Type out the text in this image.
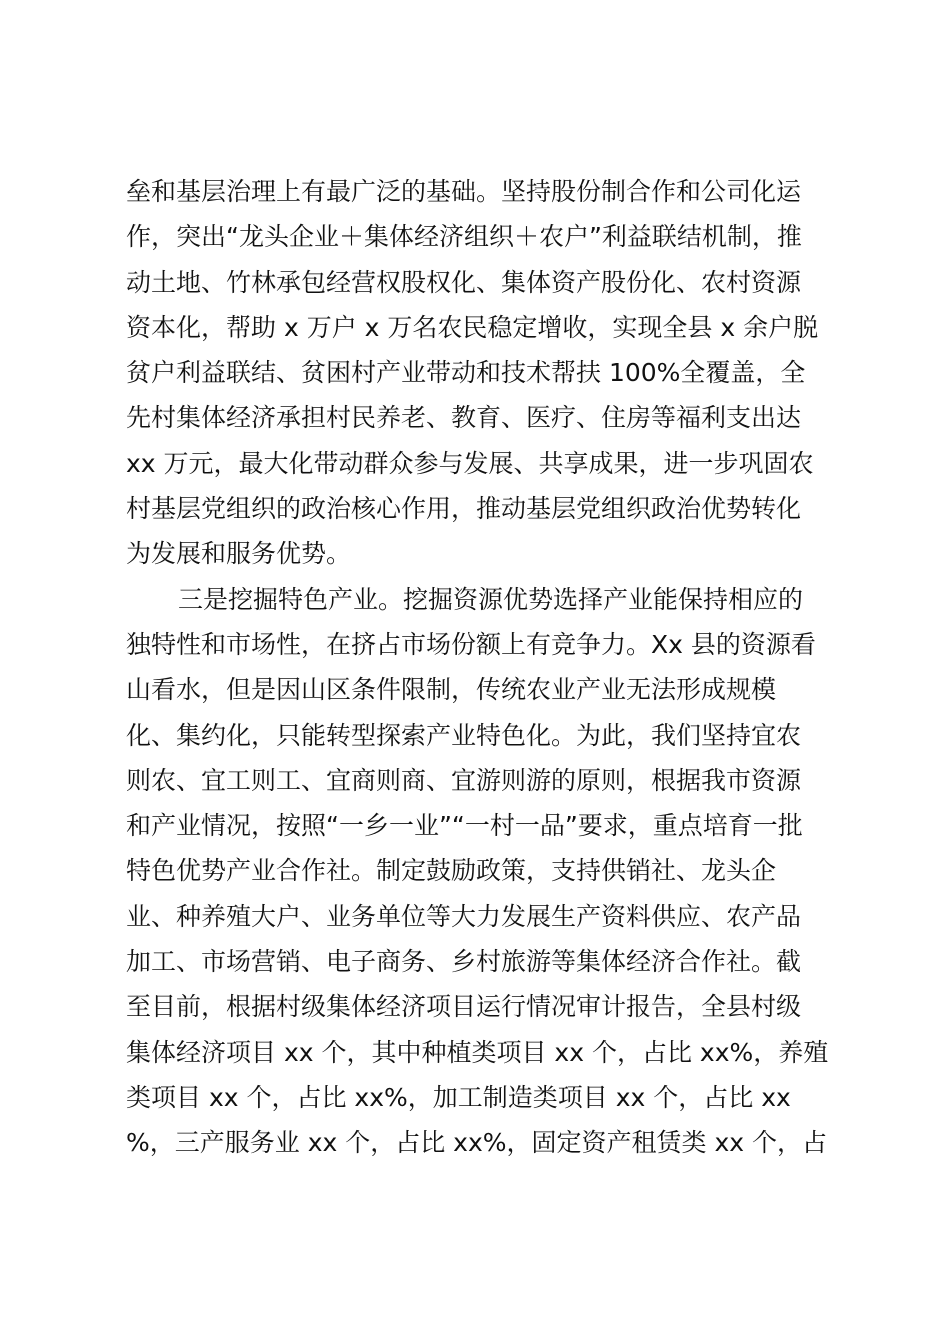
垒和基层治理上有最广泛的基础。坚持股份制合作和公司化运
作，突出“龙头企业＋集体经济组织＋农户”利益联结机制，推
动土地、竹林承包经营权股权化、集体资产股份化、农村资源
资本化，帮助 x 万户 x 万名农民稳定增收，实现全县 x 余户脱
贫户利益联结、贫困村产业带动和技术帮扶 100%全覆盖，全
先村集体经济承担村民养老、教育、医疗、住房等福利支出达
xx 万元，最大化带动群众参与发展、共享成果，进一步巩固农
村基层党组织的政治核心作用，推动基层党组织政治优势转化
为发展和服务优势。
三是挖掘特色产业。挖掘资源优势选择产业能保持相应的
独特性和市场性，在挤占市场份额上有竞争力。Xx 县的资源看
山看水，但是因山区条件限制，传统农业产业无法形成规模
化、集约化，只能转型探索产业特色化。为此，我们坚持宜农
则农、宜工则工、宜商则商、宜游则游的原则，根据我市资源
和产业情况，按照“一乡一业”“一村一品”要求，重点培育一批
特色优势产业合作社。制定鼓励政策，支持供销社、龙头企
业、种养殖大户、业务单位等大力发展生产资料供应、农产品
加工、市场营销、电子商务、乡村旅游等集体经济合作社。截
至目前，根据村级集体经济项目运行情况审计报告，全县村级
集体经济项目 xx 个，其中种植类项目 xx 个，占比 xx%，养殖
类项目 xx 个，占比 xx%，加工制造类项目 xx 个，占比 xx
%，三产服务业 xx 个，占比 xx%，固定资产租赁类 xx 个，占
